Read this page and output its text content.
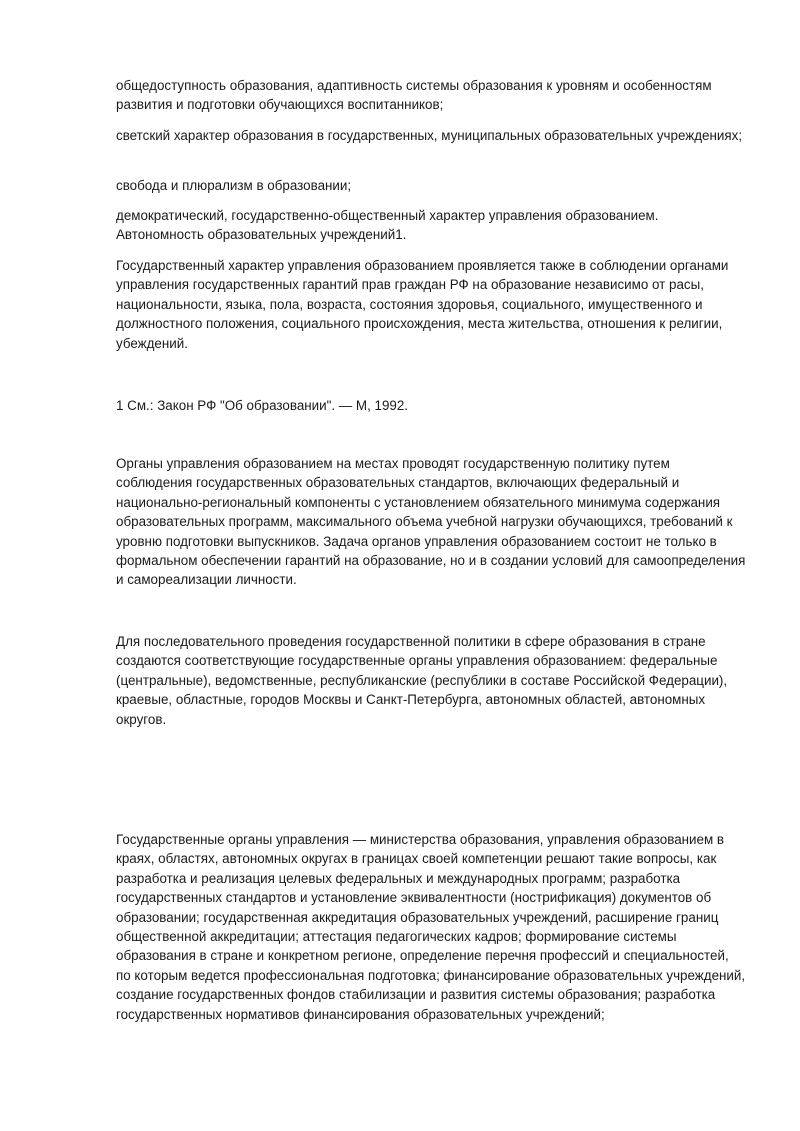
общедоступность образования, адаптивность системы образования к уровням и особенностям развития и подготовки обучающихся воспитанников;

светский характер образования в государственных, муниципальных образовательных учреждениях;

свобода и плюрализм в образовании;

демократический, государственно-общественный характер управления образованием. Автономность образовательных учреждений1.

Государственный характер управления образованием проявляется также в соблюдении органами управления государственных гарантий прав граждан РФ на образование независимо от расы, национальности, языка, пола, возраста, состояния здоровья, социального, имущественного и должностного положения, социального происхождения, места жительства, отношения к религии, убеждений.

1 См.: Закон РФ "Об образовании". — М, 1992.

Органы управления образованием на местах проводят государственную политику путем соблюдения государственных образовательных стандартов, включающих федеральный и национально-региональный компоненты с установлением обязательного минимума содержания образовательных программ, максимального объема учебной нагрузки обучающихся, требований к уровню подготовки выпускников. Задача органов управления образованием состоит не только в формальном обеспечении гарантий на образование, но и в создании условий для самоопределения и самореализации личности.

Для последовательного проведения государственной политики в сфере образования в стране создаются соответствующие государственные органы управления образованием: федеральные (центральные), ведомственные, республиканские (республики в составе Российской Федерации), краевые, областные, городов Москвы и Санкт-Петербурга, автономных областей, автономных округов.

Государственные органы управления — министерства образования, управления образованием в краях, областях, автономных округах в границах своей компетенции решают такие вопросы, как разработка и реализация целевых федеральных и международных программ; разработка государственных стандартов и установление эквивалентности (нострификация) документов об образовании; государственная аккредитация образовательных учреждений, расширение границ общественной аккредитации; аттестация педагогических кадров; формирование системы образования в стране и конкретном регионе, определение перечня профессий и специальностей, по которым ведется профессиональная подготовка; финансирование образовательных учреждений, создание государственных фондов стабилизации и развития системы образования; разработка государственных нормативов финансирования образовательных учреждений;
